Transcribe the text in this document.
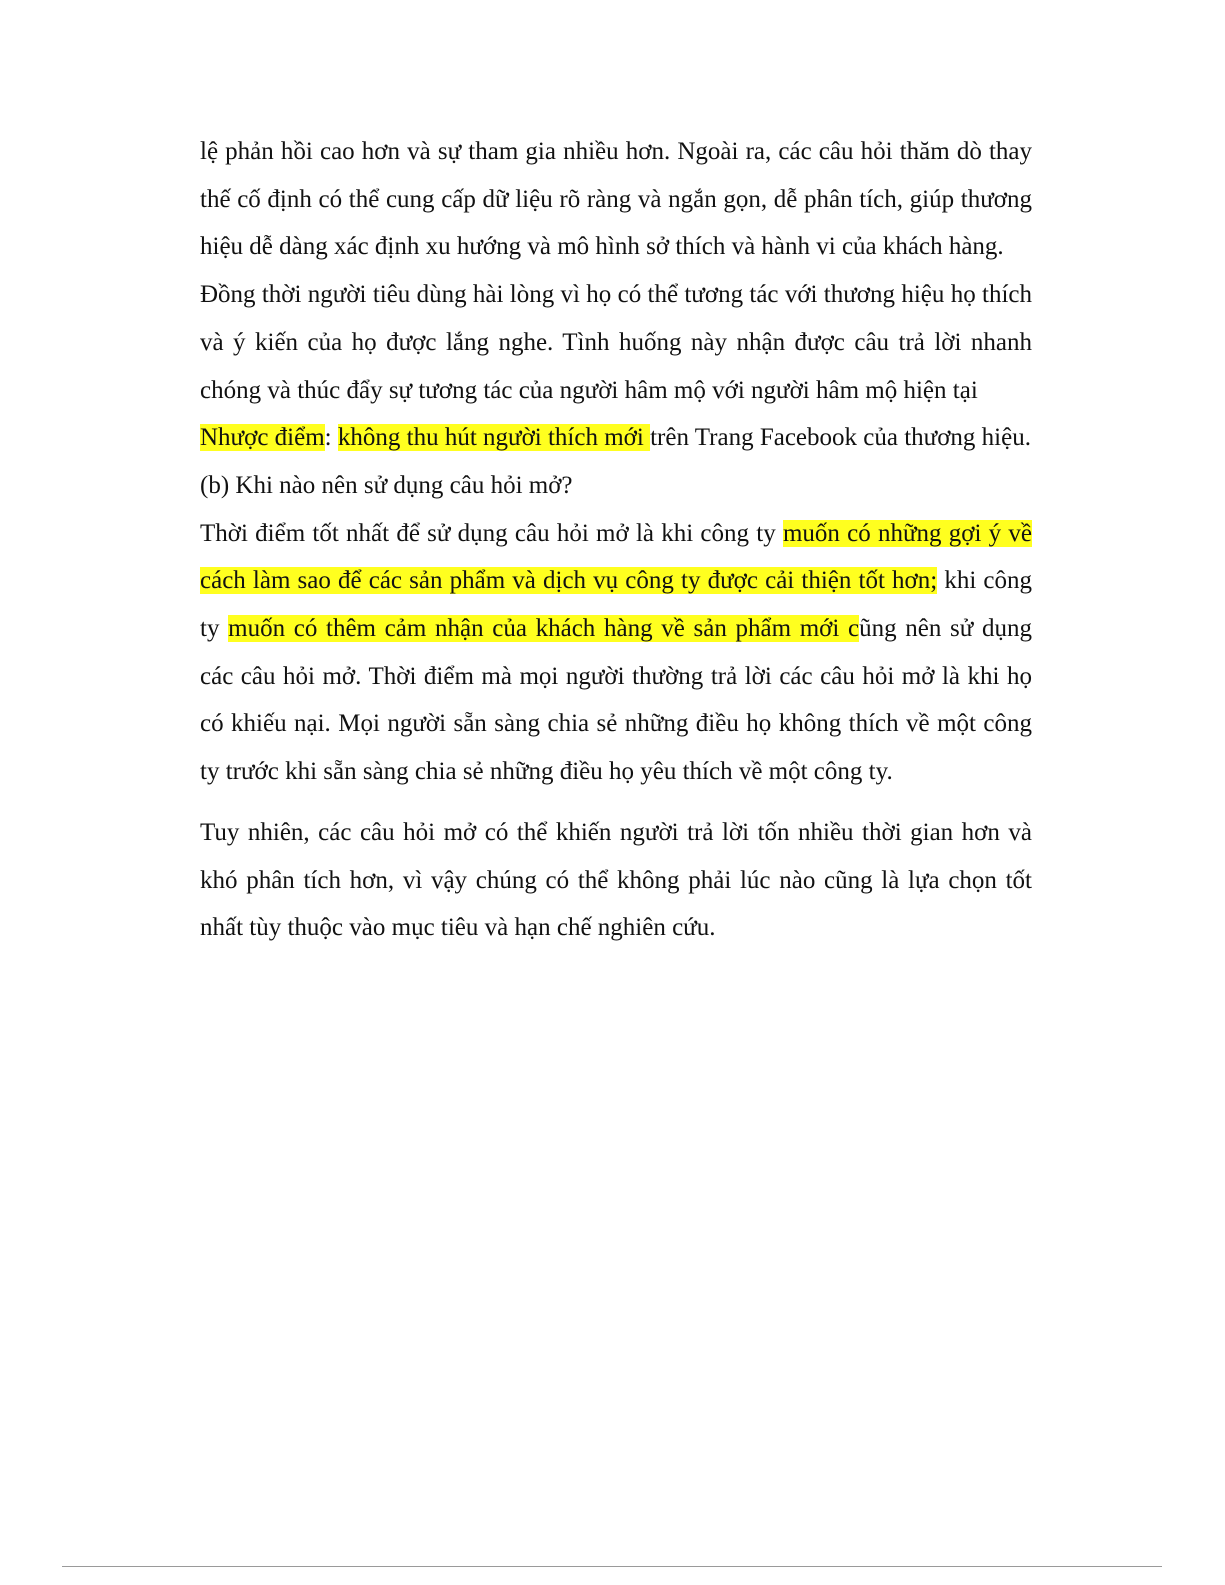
lệ phản hồi cao hơn và sự tham gia nhiều hơn. Ngoài ra, các câu hỏi thăm dò thay thế cố định có thể cung cấp dữ liệu rõ ràng và ngắn gọn, dễ phân tích, giúp thương hiệu dễ dàng xác định xu hướng và mô hình sở thích và hành vi của khách hàng.

Đồng thời người tiêu dùng hài lòng vì họ có thể tương tác với thương hiệu họ thích và ý kiến của họ được lắng nghe. Tình huống này nhận được câu trả lời nhanh chóng và thúc đẩy sự tương tác của người hâm mộ với người hâm mộ hiện tại

Nhược điểm: không thu hút người thích mới trên Trang Facebook của thương hiệu.

(b) Khi nào nên sử dụng câu hỏi mở?

Thời điểm tốt nhất để sử dụng câu hỏi mở là khi công ty muốn có những gợi ý về cách làm sao để các sản phẩm và dịch vụ công ty được cải thiện tốt hơn; khi công ty muốn có thêm cảm nhận của khách hàng về sản phẩm mới cũng nên sử dụng các câu hỏi mở. Thời điểm mà mọi người thường trả lời các câu hỏi mở là khi họ có khiếu nại. Mọi người sẵn sàng chia sẻ những điều họ không thích về một công ty trước khi sẵn sàng chia sẻ những điều họ yêu thích về một công ty.

Tuy nhiên, các câu hỏi mở có thể khiến người trả lời tốn nhiều thời gian hơn và khó phân tích hơn, vì vậy chúng có thể không phải lúc nào cũng là lựa chọn tốt nhất tùy thuộc vào mục tiêu và hạn chế nghiên cứu.
